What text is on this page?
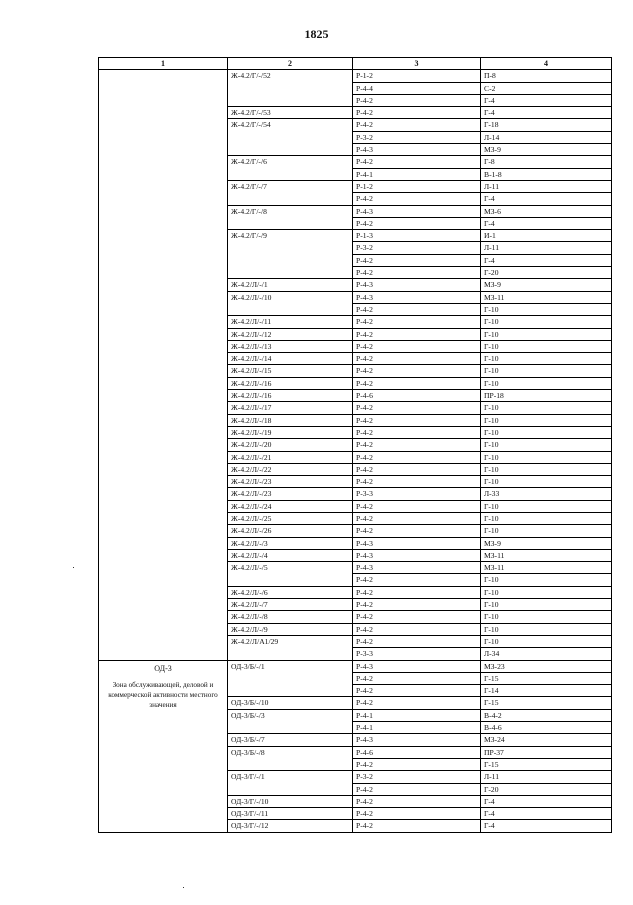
1825
1	2	3	4

	Ж-4.2/Г/-/52	Р-1-2	П-8
		Р-4-4	С-2
		Р-4-2	Г-4
	Ж-4.2/Г/-/53	Р-4-2	Г-4
	Ж-4.2/Г/-/54	Р-4-2	Г-18
		Р-3-2	Л-14
		Р-4-3	МЗ-9
	Ж-4.2/Г/-/6	Р-4-2	Г-8
		Р-4-1	В-1-8
	Ж-4.2/Г/-/7	Р-1-2	Л-11
		Р-4-2	Г-4
	Ж-4.2/Г/-/8	Р-4-3	МЗ-6
		Р-4-2	Г-4
	Ж-4.2/Г/-/9	Р-1-3	И-1
		Р-3-2	Л-11
		Р-4-2	Г-4
		Р-4-2	Г-20
	Ж-4.2/Л/-/1	Р-4-3	МЗ-9
	Ж-4.2/Л/-/10	Р-4-3	МЗ-11
		Р-4-2	Г-10
	Ж-4.2/Л/-/11	Р-4-2	Г-10
	Ж-4.2/Л/-/12	Р-4-2	Г-10
	Ж-4.2/Л/-/13	Р-4-2	Г-10
	Ж-4.2/Л/-/14	Р-4-2	Г-10
	Ж-4.2/Л/-/15	Р-4-2	Г-10
	Ж-4.2/Л/-/16	Р-4-2	Г-10
	Ж-4.2/Л/-/16	Р-4-6	ПР-18
	Ж-4.2/Л/-/17	Р-4-2	Г-10
	Ж-4.2/Л/-/18	Р-4-2	Г-10
	Ж-4.2/Л/-/19	Р-4-2	Г-10
	Ж-4.2/Л/-/20	Р-4-2	Г-10
	Ж-4.2/Л/-/21	Р-4-2	Г-10
	Ж-4.2/Л/-/22	Р-4-2	Г-10
	Ж-4.2/Л/-/23	Р-4-2	Г-10
	Ж-4.2/Л/-/23	Р-3-3	Л-33
	Ж-4.2/Л/-/24	Р-4-2	Г-10
	Ж-4.2/Л/-/25	Р-4-2	Г-10
	Ж-4.2/Л/-/26	Р-4-2	Г-10
	Ж-4.2/Л/-/3	Р-4-3	МЗ-9
	Ж-4.2/Л/-/4	Р-4-3	МЗ-11
	Ж-4.2/Л/-/5	Р-4-3	МЗ-11
		Р-4-2	Г-10
	Ж-4.2/Л/-/6	Р-4-2	Г-10
	Ж-4.2/Л/-/7	Р-4-2	Г-10
	Ж-4.2/Л/-/8	Р-4-2	Г-10
	Ж-4.2/Л/-/9	Р-4-2	Г-10
	Ж-4.2/Л/А1/29	Р-4-2	Г-10
		Р-3-3	Л-34

ОД-3
Зона обслуживающей, деловой и коммерческой активности местного значения	ОД-3/Б/-/1	Р-4-3	МЗ-23
		Р-4-2	Г-15
		Р-4-2	Г-14
	ОД-3/Б/-/10	Р-4-2	Г-15
	ОД-3/Б/-/3	Р-4-1	В-4-2
		Р-4-1	В-4-6
	ОД-3/Б/-/7	Р-4-3	МЗ-24
	ОД-3/Б/-/8	Р-4-6	ПР-37
		Р-4-2	Г-15
	ОД-3/Г/-/1	Р-3-2	Л-11
		Р-4-2	Г-20
	ОД-3/Г/-/10	Р-4-2	Г-4
	ОД-3/Г/-/11	Р-4-2	Г-4
	ОД-3/Г/-/12	Р-4-2	Г-4
